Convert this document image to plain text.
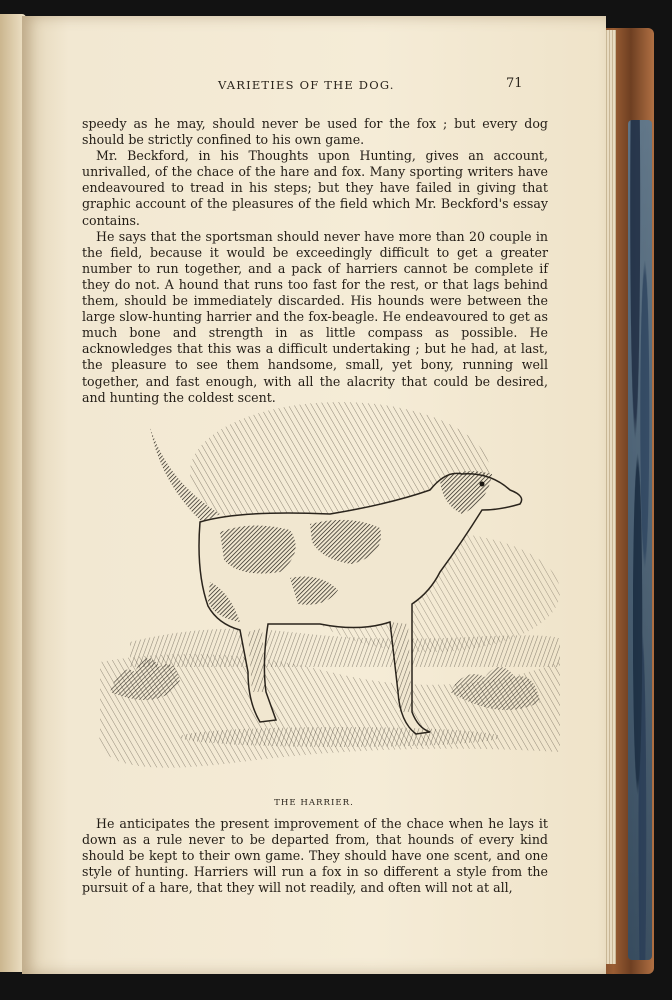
VARIETIES OF THE DOG.	71

speedy as he may, should never be used for the fox ; but every dog should be strictly confined to his own game.

Mr. Beckford, in his Thoughts upon Hunting, gives an account, unrivalled, of the chace of the hare and fox. Many sporting writers have endeavoured to tread in his steps; but they have failed in giving that graphic account of the pleasures of the field which Mr. Beckford's essay contains.

He says that the sportsman should never have more than 20 couple in the field, because it would be exceedingly difficult to get a greater number to run together, and a pack of harriers cannot be complete if they do not. A hound that runs too fast for the rest, or that lags behind them, should be immediately discarded. His hounds were between the large slow-hunting harrier and the fox-beagle. He endeavoured to get as much bone and strength in as little compass as possible. He acknowledges that this was a difficult undertaking ; but he had, at last, the pleasure to see them handsome, small, yet bony, running well together, and fast enough, with all the alacrity that could be desired, and hunting the coldest scent.

THE HARRIER.

He anticipates the present improvement of the chace when he lays it down as a rule never to be departed from, that hounds of every kind should be kept to their own game. They should have one scent, and one style of hunting. Harriers will run a fox in so different a style from the pursuit of a hare, that they will not readily, and often will not at all,
